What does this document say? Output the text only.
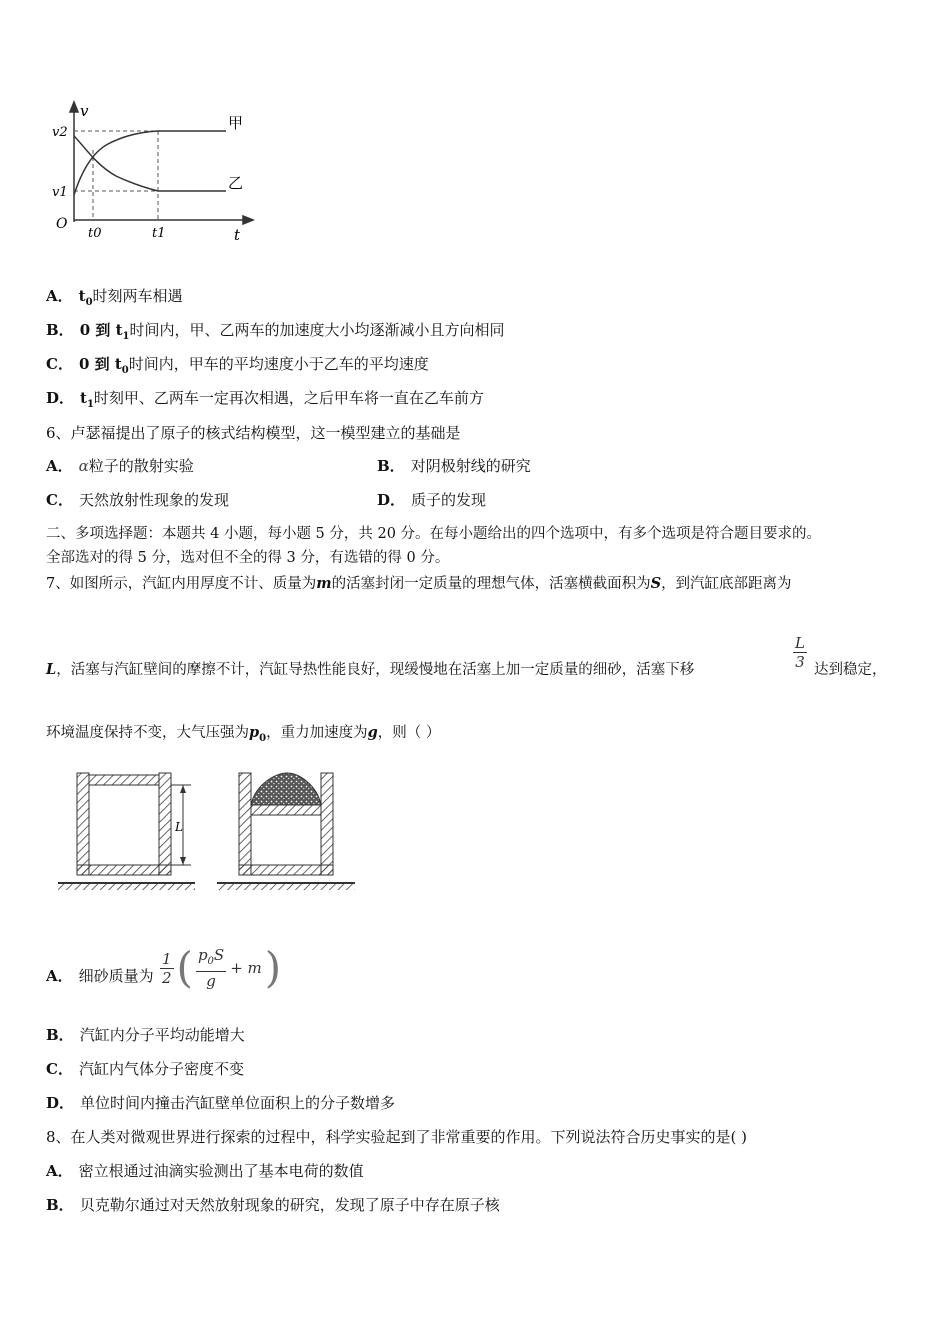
v
v2
v1
O
t0	t1	t
甲
乙
A． $t_0$时刻两车相遇
B． 0 到 $t_1$时间内，甲、乙两车的加速度大小均逐渐减小且方向相同
C． 0 到 $t_0$时间内，甲车的平均速度小于乙车的平均速度
D． $t_1$时刻甲、乙两车一定再次相遇，之后甲车将一直在乙车前方
6、卢瑟福提出了原子的核式结构模型，这一模型建立的基础是
A． α粒子的散射实验	B． 对阴极射线的研究
C． 天然放射性现象的发现	D． 质子的发现
二、多项选择题：本题共 4 小题，每小题 5 分，共 20 分。在每小题给出的四个选项中，有多个选项是符合题目要求的。
全部选对的得 5 分，选对但不全的得 3 分，有选错的得 0 分。
7、如图所示，汽缸内用厚度不计、质量为m的活塞封闭一定质量的理想气体，活塞横截面积为S，到汽缸底部距离为
L，活塞与汽缸壁间的摩擦不计，汽缸导热性能良好，现缓慢地在活塞上加一定质量的细砂，活塞下移	$\frac{L}{3}$ 达到稳定，
环境温度保持不变，大气压强为$p_0$，重力加速度为g，则（ ）
L
A． 细砂质量为 $\frac{1}{2}$ ( $\frac{p_0S}{g} + m$ )
B． 汽缸内分子平均动能增大
C． 汽缸内气体分子密度不变
D． 单位时间内撞击汽缸壁单位面积上的分子数增多
8、在人类对微观世界进行探索的过程中，科学实验起到了非常重要的作用。下列说法符合历史事实的是( )
A． 密立根通过油滴实验测出了基本电荷的数值
B． 贝克勒尔通过对天然放射现象的研究，发现了原子中存在原子核
